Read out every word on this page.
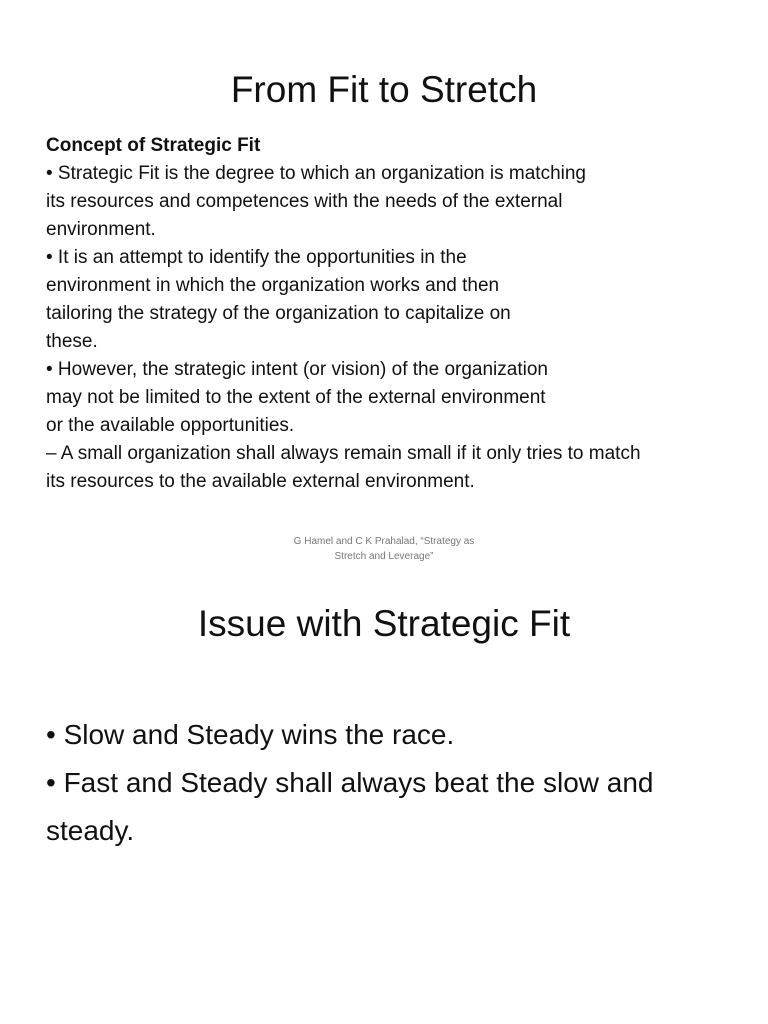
From Fit to Stretch
Concept of Strategic Fit
• Strategic Fit is the degree to which an organization is matching
its resources and competences with the needs of the external
environment.
• It is an attempt to identify the opportunities in the
environment in which the organization works and then
tailoring the strategy of the organization to capitalize on
these.
• However, the strategic intent (or vision) of the organization
may not be limited to the extent of the external environment
or the available opportunities.
– A small organization shall always remain small if it only tries to match
its resources to the available external environment.
G Hamel and C K Prahalad, “Strategy as
Stretch and Leverage”
Issue with Strategic Fit
• Slow and Steady wins the race.
• Fast and Steady shall always beat the slow and
steady.
